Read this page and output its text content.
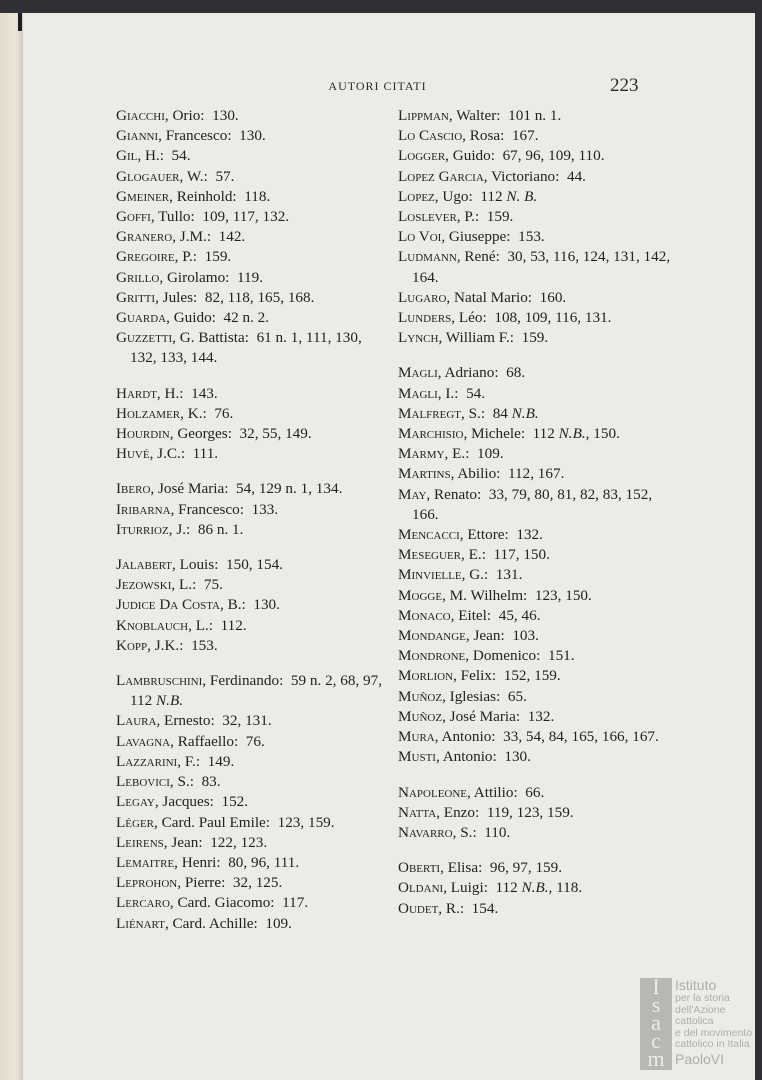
AUTORI CITATI	223
Giacchi, Orio: 130.
Gianni, Francesco: 130.
Gil, H.: 54.
Glogauer, W.: 57.
Gmeiner, Reinhold: 118.
Goffi, Tullo: 109, 117, 132.
Granero, J.M.: 142.
Gregoire, P.: 159.
Grillo, Girolamo: 119.
Gritti, Jules: 82, 118, 165, 168.
Guarda, Guido: 42 n. 2.
Guzzetti, G. Battista: 61 n. 1, 111, 130, 132, 133, 144.
Hardt, H.: 143.
Holzamer, K.: 76.
Hourdin, Georges: 32, 55, 149.
Huvé, J.C.: 111.
Ibero, José Maria: 54, 129 n. 1, 134.
Iribarna, Francesco: 133.
Iturrioz, J.: 86 n. 1.
Jalabert, Louis: 150, 154.
Jezowski, L.: 75.
Judice Da Costa, B.: 130.
Knoblauch, L.: 112.
Kopp, J.K.: 153.
Lambruschini, Ferdinando: 59 n. 2, 68, 97, 112 N.B.
Laura, Ernesto: 32, 131.
Lavagna, Raffaello: 76.
Lazzarini, F.: 149.
Lebovici, S.: 83.
Legay, Jacques: 152.
Léger, Card. Paul Emile: 123, 159.
Leirens, Jean: 122, 123.
Lemaitre, Henri: 80, 96, 111.
Leprohon, Pierre: 32, 125.
Lercaro, Card. Giacomo: 117.
Liénart, Card. Achille: 109.
Lippman, Walter: 101 n. 1.
Lo Cascio, Rosa: 167.
Logger, Guido: 67, 96, 109, 110.
Lopez Garcia, Victoriano: 44.
Lopez, Ugo: 112 N. B.
Loslever, P.: 159.
Lo Voi, Giuseppe: 153.
Ludmann, René: 30, 53, 116, 124, 131, 142, 164.
Lugaro, Natal Mario: 160.
Lunders, Léo: 108, 109, 116, 131.
Lynch, William F.: 159.
Magli, Adriano: 68.
Magli, I.: 54.
Malfregt, S.: 84 N.B.
Marchisio, Michele: 112 N.B., 150.
Marmy, E.: 109.
Martins, Abilio: 112, 167.
May, Renato: 33, 79, 80, 81, 82, 83, 152, 166.
Mencacci, Ettore: 132.
Meseguer, E.: 117, 150.
Minvielle, G.: 131.
Mogge, M. Wilhelm: 123, 150.
Monaco, Eitel: 45, 46.
Mondange, Jean: 103.
Mondrone, Domenico: 151.
Morlion, Felix: 152, 159.
Muñoz, Iglesias: 65.
Muñoz, José Maria: 132.
Mura, Antonio: 33, 54, 84, 165, 166, 167.
Musti, Antonio: 130.
Napoleone, Attilio: 66.
Natta, Enzo: 119, 123, 159.
Navarro, S.: 110.
Oberti, Elisa: 96, 97, 159.
Oldani, Luigi: 112 N.B., 118.
Oudet, R.: 154.
I
s
a
c
m
Istituto
per la storia
dell'Azione cattolica
e del movimento
cattolico in Italia
PaoloVI
